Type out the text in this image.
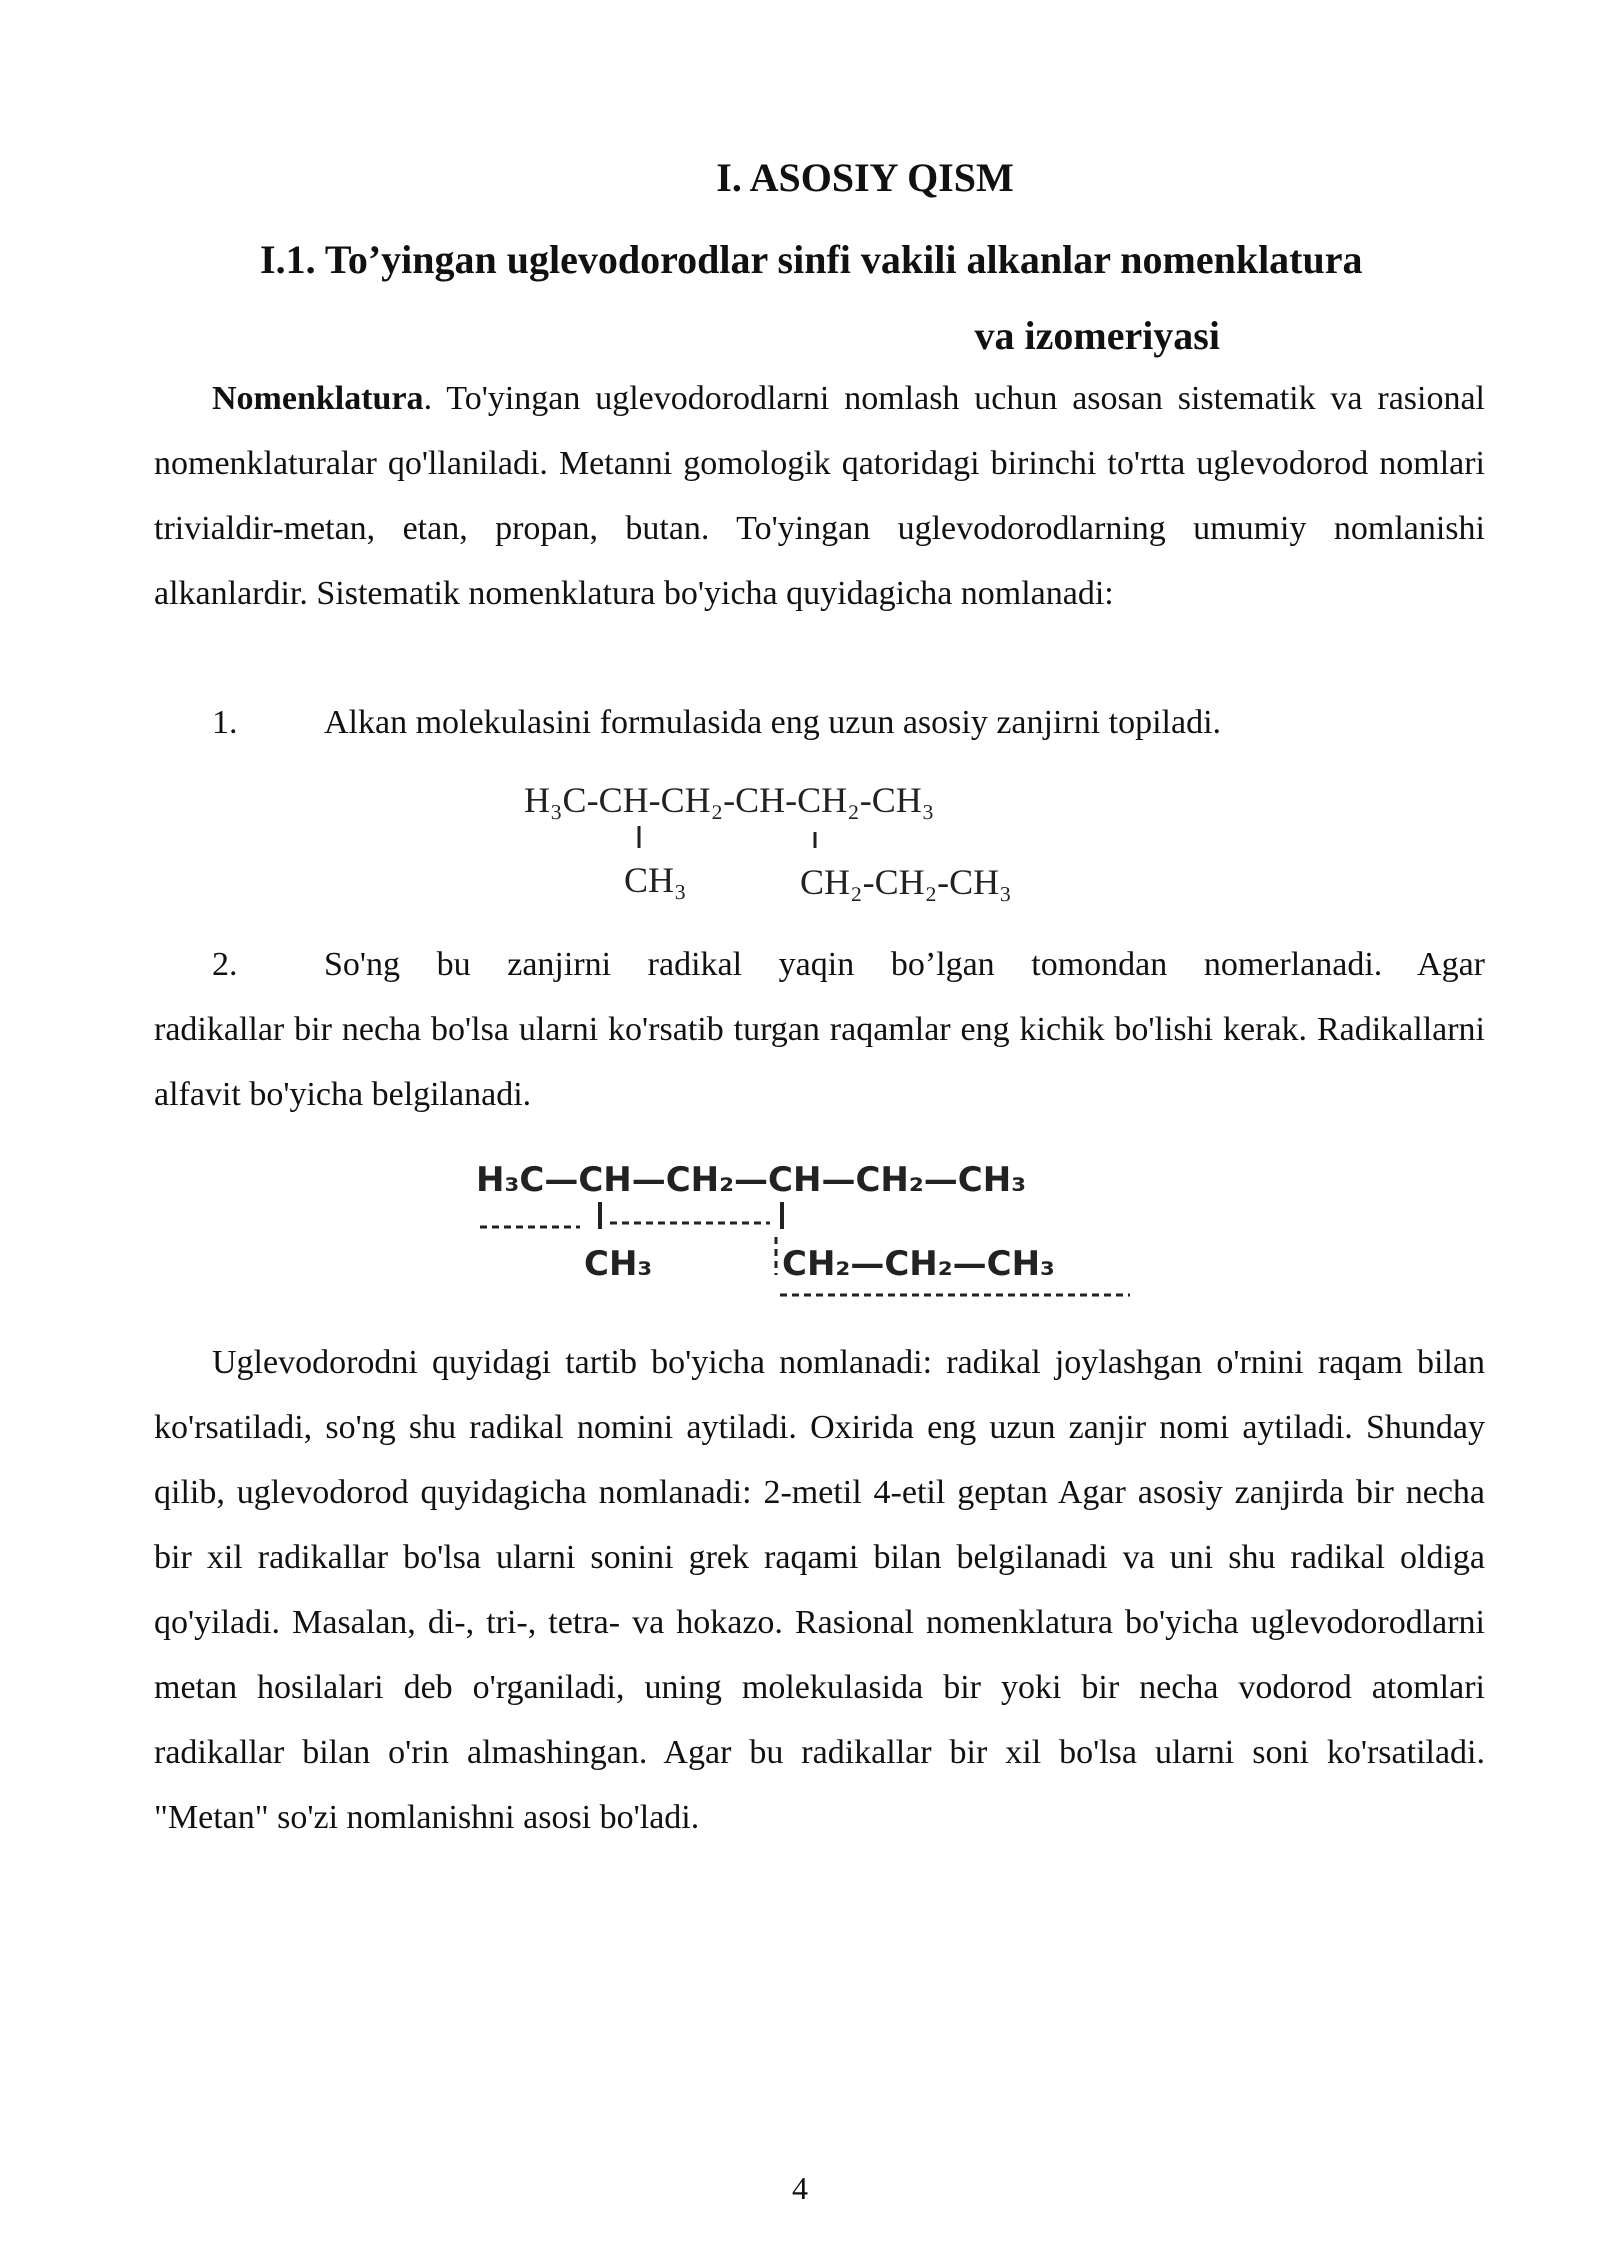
I. ASOSIY QISM
I.1. To’yingan uglevodorodlar sinfi vakili alkanlar nomenklatura
va izomeriyasi
Nomenklatura. To'yingan uglevodorodlarni nomlash uchun asosan sistematik va rasional nomenklaturalar qo'llaniladi. Metanni gomologik qatoridagi birinchi to'rtta uglevodorod nomlari trivialdir-metan, etan, propan, butan. To'yingan uglevodorodlarning umumiy nomlanishi alkanlardir. Sistematik nomenklatura bo'yicha quyidagicha nomlanadi:
1.	Alkan molekulasini formulasida eng uzun asosiy zanjirni topiladi.
H₃C-CH-CH₂-CH-CH₂-CH₃
CH₃	CH₂-CH₂-CH₃
2.	So'ng bu zanjirni radikal yaqin bo’lgan tomondan nomerlanadi. Agar
radikallar bir necha bo'lsa ularni ko'rsatib turgan raqamlar eng kichik bo'lishi kerak. Radikallarni alfavit bo'yicha belgilanadi.
H₃C—CH—CH₂—CH—CH₂—CH₃
CH₃	CH₂—CH₂—CH₃
Uglevodorodni quyidagi tartib bo'yicha nomlanadi: radikal joylashgan o'rnini raqam bilan ko'rsatiladi, so'ng shu radikal nomini aytiladi. Oxirida eng uzun zanjir nomi aytiladi. Shunday qilib, uglevodorod quyidagicha nomlanadi: 2-metil 4-etil geptan Agar asosiy zanjirda bir necha bir xil radikallar bo'lsa ularni sonini grek raqami bilan belgilanadi va uni shu radikal oldiga qo'yiladi. Masalan, di-, tri-, tetra- va hokazo. Rasional nomenklatura bo'yicha uglevodorodlarni metan hosilalari deb o'rganiladi, uning molekulasida bir yoki bir necha vodorod atomlari radikallar bilan o'rin almashingan. Agar bu radikallar bir xil bo'lsa ularni soni ko'rsatiladi. "Metan" so'zi nomlanishni asosi bo'ladi.
4
